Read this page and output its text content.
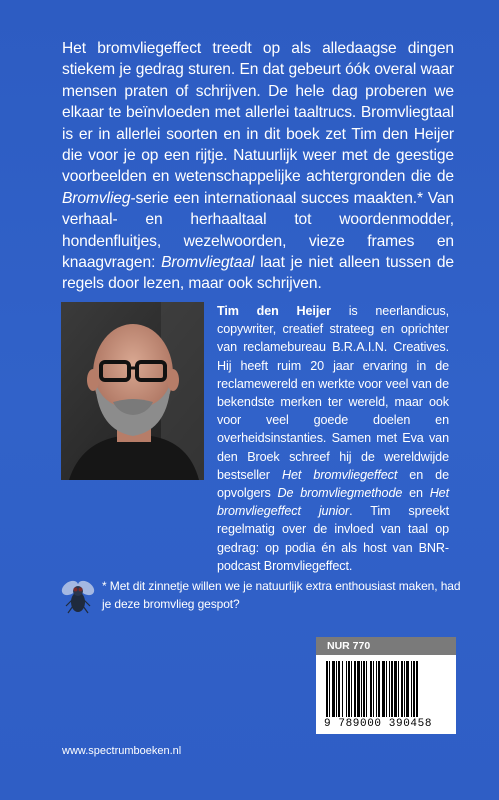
Het bromvliegeffect treedt op als alledaagse dingen stiekem je gedrag sturen. En dat gebeurt óók overal waar mensen praten of schrijven. De hele dag proberen we elkaar te beïnvloeden met allerlei taaltrucs. Bromvliegtaal is er in allerlei soorten en in dit boek zet Tim den Heijer die voor je op een rijtje. Natuurlijk weer met de geestige voorbeelden en wetenschappelijke achtergronden die de Bromvlieg-serie een internationaal succes maakten.* Van verhaal- en herhaaltaal tot woordenmodder, hondenfluitjes, wezelwoorden, vieze frames en knaagvragen: Bromvliegtaal laat je niet alleen tussen de regels door lezen, maar ook schrijven.
Tim den Heijer is neerlandicus, copywriter, creatief strateeg en oprichter van reclamebureau B.R.A.I.N. Creatives. Hij heeft ruim 20 jaar ervaring in de reclamewereld en werkte voor veel van de bekendste merken ter wereld, maar ook voor veel goede doelen en overheidsinstanties. Samen met Eva van den Broek schreef hij de wereldwijde bestseller Het bromvliegeffect en de opvolgers De bromvliegmethode en Het bromvliegeffect junior. Tim spreekt regelmatig over de invloed van taal op gedrag: op podia én als host van BNR-podcast Bromvliegeffect.
* Met dit zinnetje willen we je natuurlijk extra enthousiast maken, had je deze bromvlieg gespot?
NUR 770
9 789000 390458
www.spectrumboeken.nl
